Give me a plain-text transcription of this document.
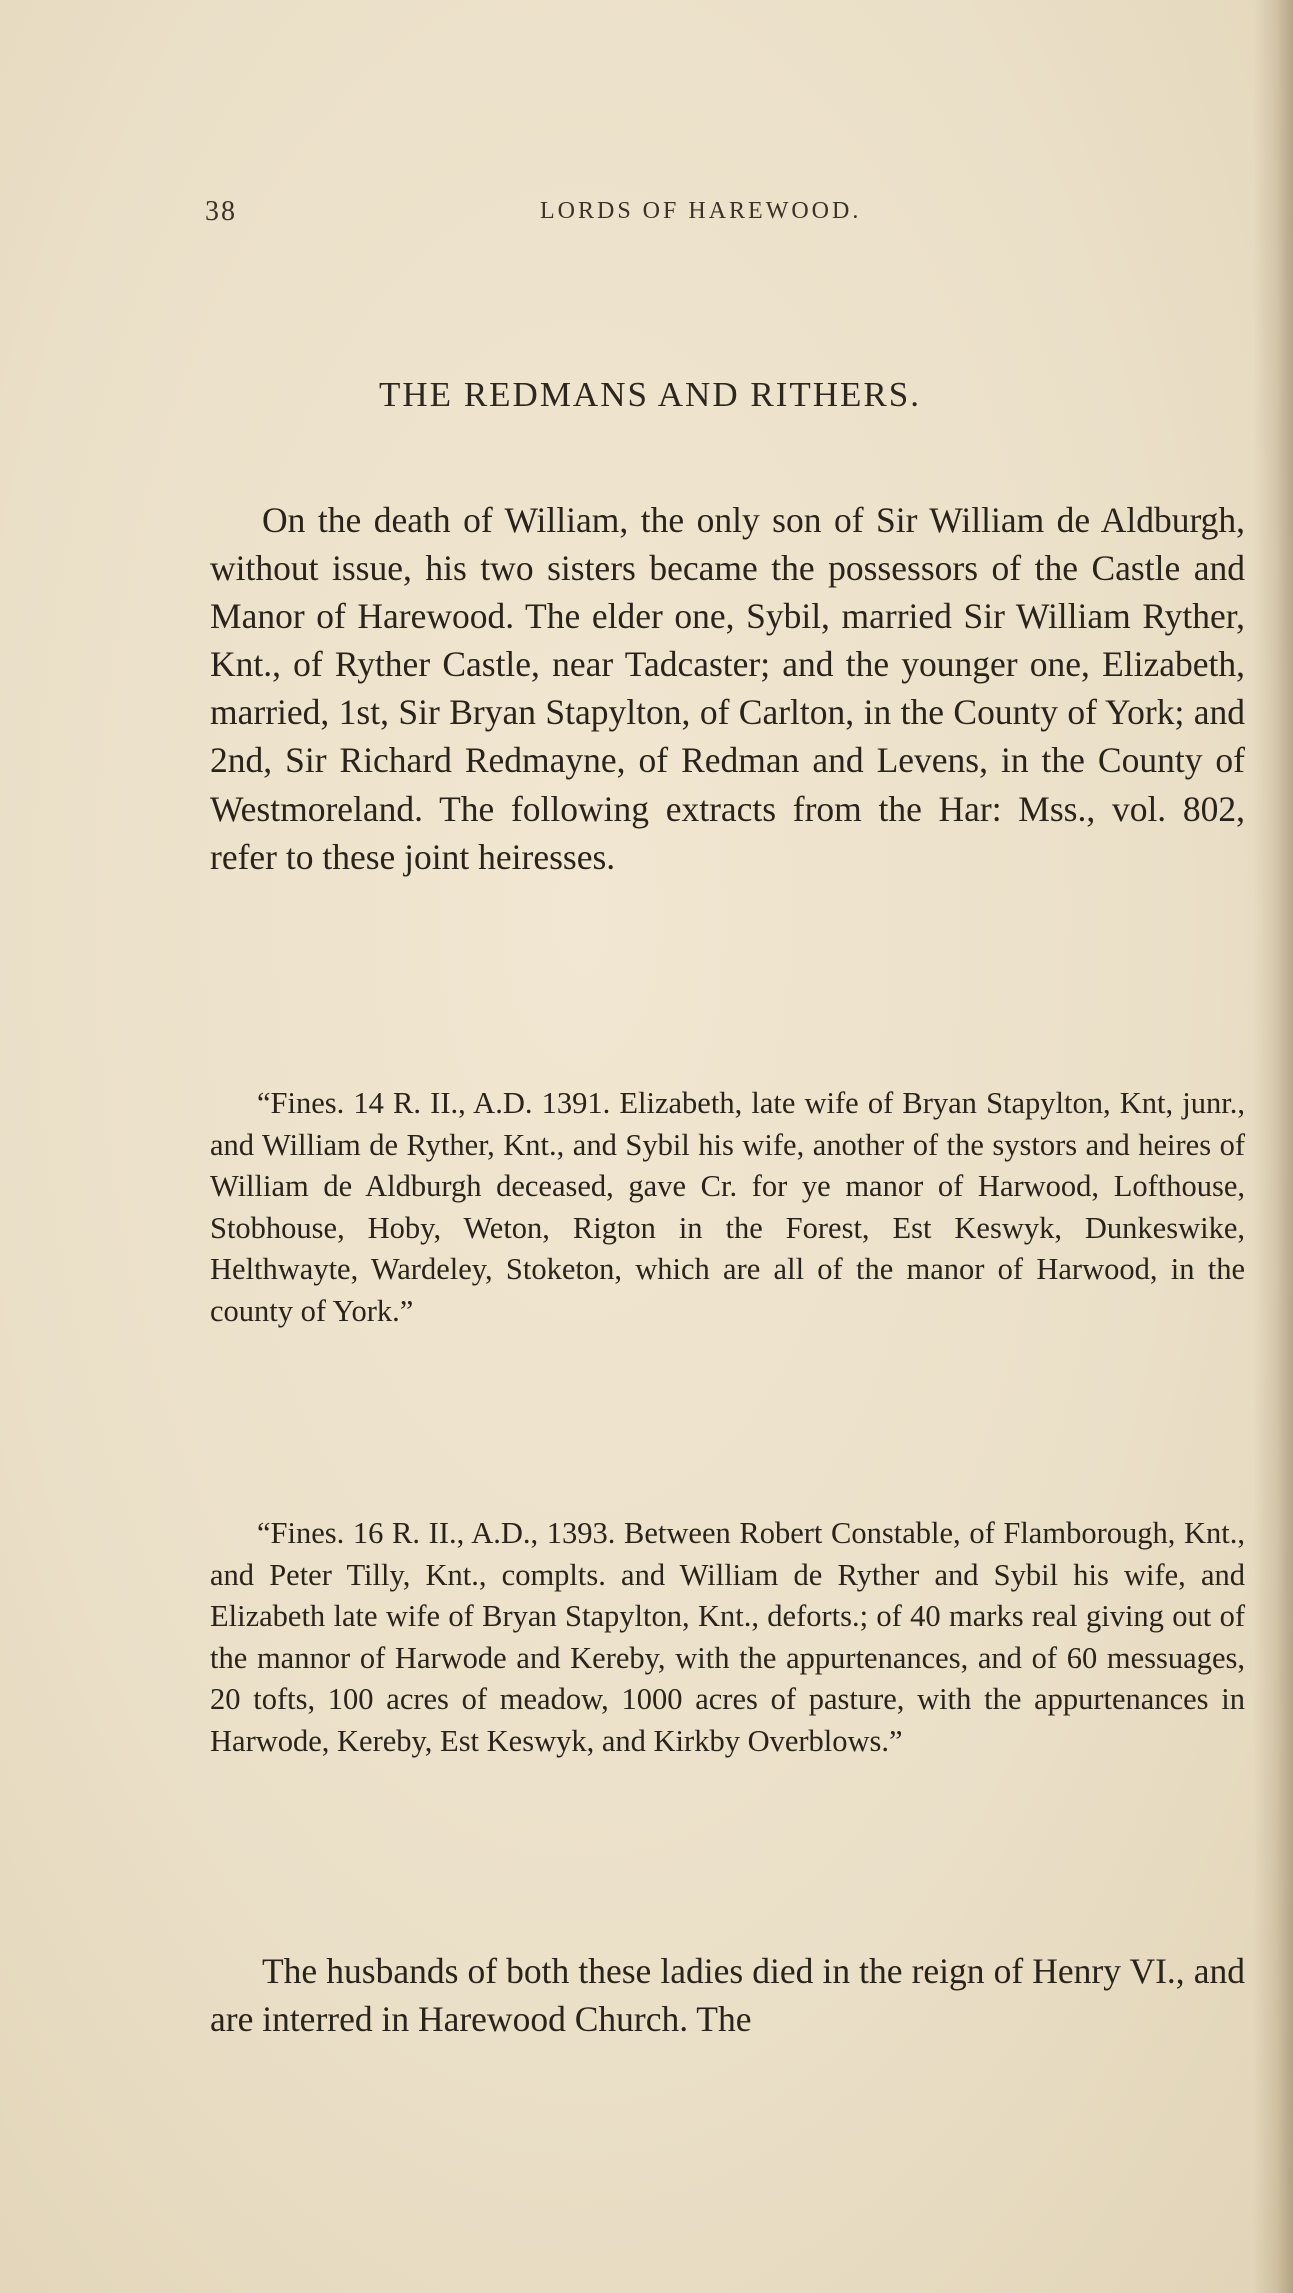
38	LORDS OF HAREWOOD.
THE REDMANS AND RITHERS.

On the death of William, the only son of Sir William de Aldburgh, without issue, his two sisters became the possessors of the Castle and Manor of Harewood. The elder one, Sybil, married Sir William Ryther, Knt., of Ryther Castle, near Tadcaster; and the younger one, Elizabeth, married, 1st, Sir Bryan Stapylton, of Carlton, in the County of York; and 2nd, Sir Richard Redmayne, of Redman and Levens, in the County of Westmoreland. The following extracts from the Har: Mss., vol. 802, refer to these joint heiresses.

“Fines. 14 R. II., A.D. 1391. Elizabeth, late wife of Bryan Stapylton, Knt, junr., and William de Ryther, Knt., and Sybil his wife, another of the systors and heires of William de Aldburgh deceased, gave Cr. for ye manor of Harwood, Lofthouse, Stobhouse, Hoby, Weton, Rigton in the Forest, Est Keswyk, Dunkeswike, Helthwayte, Wardeley, Stoketon, which are all of the manor of Harwood, in the county of York.”

“Fines. 16 R. II., A.D., 1393. Between Robert Constable, of Flamborough, Knt., and Peter Tilly, Knt., complts. and William de Ryther and Sybil his wife, and Elizabeth late wife of Bryan Stapylton, Knt., deforts.; of 40 marks real giving out of the mannor of Harwode and Kereby, with the appurtenances, and of 60 messuages, 20 tofts, 100 acres of meadow, 1000 acres of pasture, with the appurtenances in Harwode, Kereby, Est Keswyk, and Kirkby Overblows.”

The husbands of both these ladies died in the reign of Henry VI., and are interred in Harewood Church. The
